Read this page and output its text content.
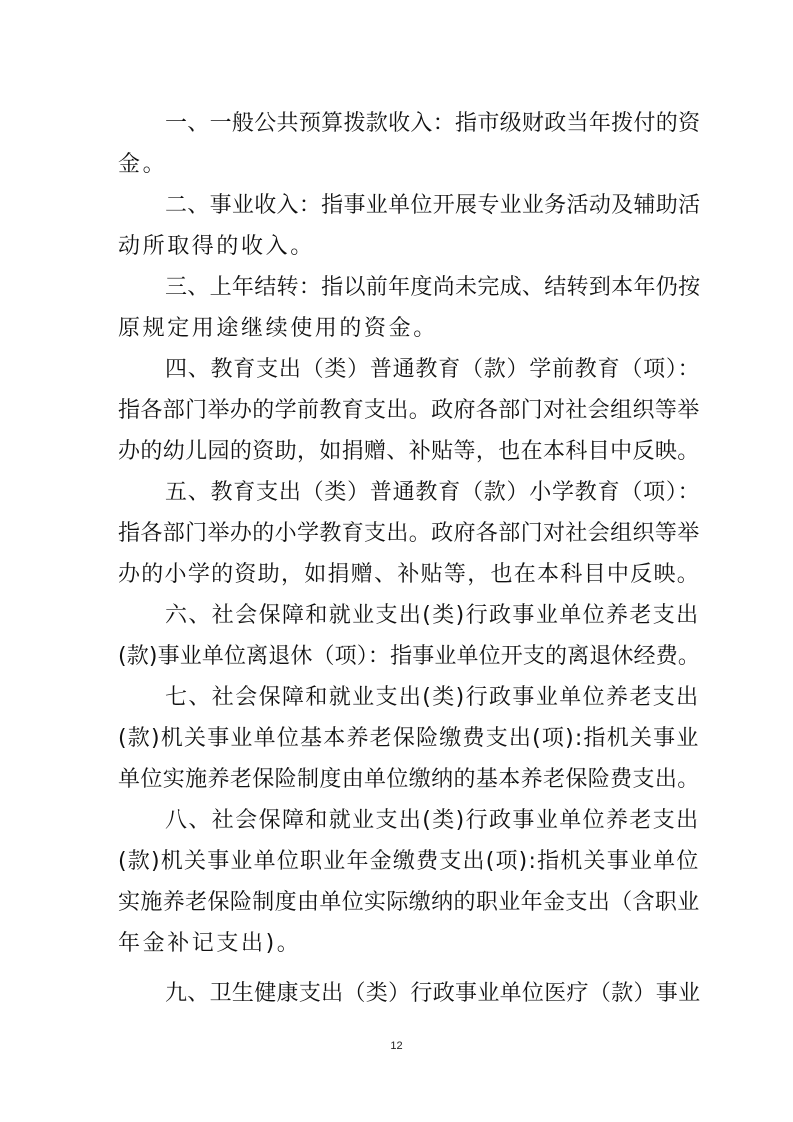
一、一般公共预算拨款收入：指市级财政当年拨付的资
金。
二、事业收入：指事业单位开展专业业务活动及辅助活
动所取得的收入。
三、上年结转：指以前年度尚未完成、结转到本年仍按
原规定用途继续使用的资金。
四、教育支出（类）普通教育（款）学前教育（项）：
指各部门举办的学前教育支出。政府各部门对社会组织等举
办的幼儿园的资助，如捐赠、补贴等，也在本科目中反映。
五、教育支出（类）普通教育（款）小学教育（项）：
指各部门举办的小学教育支出。政府各部门对社会组织等举
办的小学的资助，如捐赠、补贴等，也在本科目中反映。
六、社会保障和就业支出(类)行政事业单位养老支出
(款)事业单位离退休（项）：指事业单位开支的离退休经费。
七、社会保障和就业支出(类)行政事业单位养老支出
(款)机关事业单位基本养老保险缴费支出(项):指机关事业
单位实施养老保险制度由单位缴纳的基本养老保险费支出。
八、社会保障和就业支出(类)行政事业单位养老支出
(款)机关事业单位职业年金缴费支出(项):指机关事业单位
实施养老保险制度由单位实际缴纳的职业年金支出（含职业
年金补记支出)。
九、卫生健康支出（类）行政事业单位医疗（款）事业
12
